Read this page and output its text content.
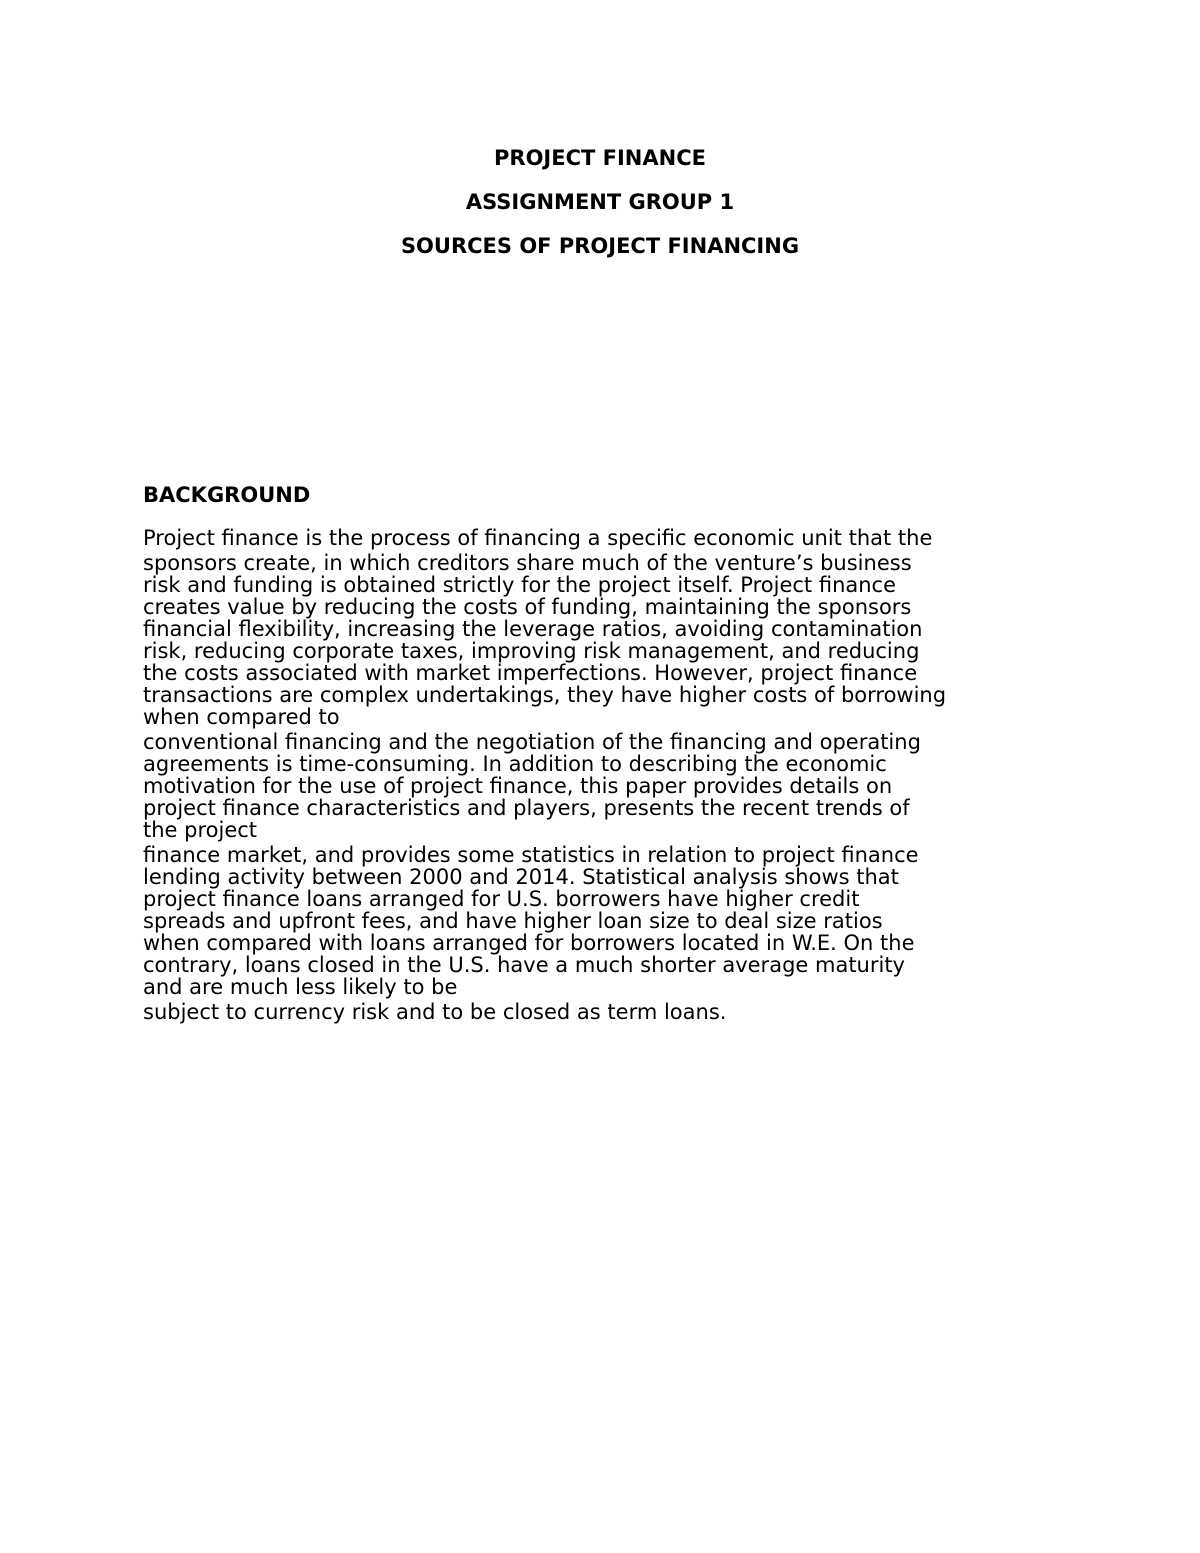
PROJECT FINANCE
ASSIGNMENT GROUP 1
SOURCES OF PROJECT FINANCING
BACKGROUND
Project finance is the process of financing a specific economic unit that the
sponsors create, in which creditors share much of the venture’s business
risk and funding is obtained strictly for the project itself. Project finance
creates value by reducing the costs of funding, maintaining the sponsors
financial flexibility, increasing the leverage ratios, avoiding contamination
risk, reducing corporate taxes, improving risk management, and reducing
the costs associated with market imperfections. However, project finance
transactions are complex undertakings, they have higher costs of borrowing
when compared to
conventional financing and the negotiation of the financing and operating
agreements is time-consuming. In addition to describing the economic
motivation for the use of project finance, this paper provides details on
project finance characteristics and players, presents the recent trends of
the project
finance market, and provides some statistics in relation to project finance
lending activity between 2000 and 2014. Statistical analysis shows that
project finance loans arranged for U.S. borrowers have higher credit
spreads and upfront fees, and have higher loan size to deal size ratios
when compared with loans arranged for borrowers located in W.E. On the
contrary, loans closed in the U.S. have a much shorter average maturity
and are much less likely to be
subject to currency risk and to be closed as term loans.
